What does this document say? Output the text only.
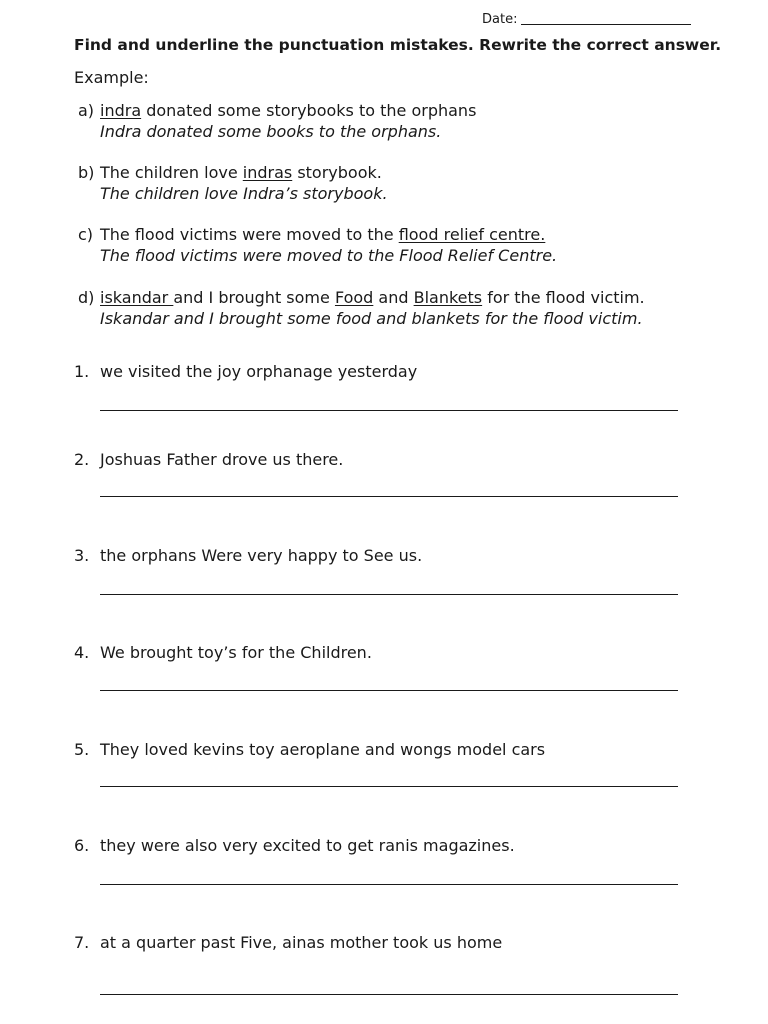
Date:
Find and underline the punctuation mistakes. Rewrite the correct answer.
Example:
a) indra donated some storybooks to the orphans
Indra donated some books to the orphans.
b) The children love indras storybook.
The children love Indra’s storybook.
c) The flood victims were moved to the flood relief centre.
The flood victims were moved to the Flood Relief Centre.
d) iskandar and I brought some Food and Blankets for the flood victim.
Iskandar and I brought some food and blankets for the flood victim.
1. we visited the joy orphanage yesterday
2. Joshuas Father drove us there.
3. the orphans Were very happy to See us.
4. We brought toy’s for the Children.
5. They loved kevins toy aeroplane and wongs model cars
6. they were also very excited to get ranis magazines.
7. at a quarter past Five, ainas mother took us home
